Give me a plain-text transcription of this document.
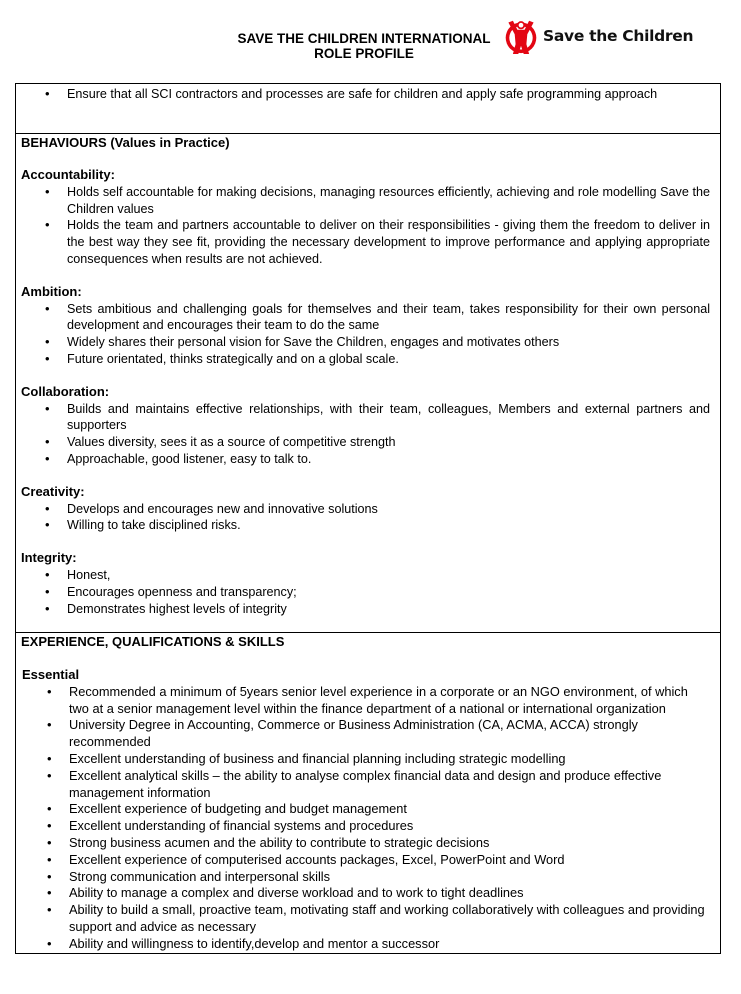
SAVE THE CHILDREN INTERNATIONAL
ROLE PROFILE
Save the Children
• Ensure that all SCI contractors and processes are safe for children and apply safe programming approach
BEHAVIOURS (Values in Practice)
Accountability:
• Holds self accountable for making decisions, managing resources efficiently, achieving and role modelling Save the Children values
• Holds the team and partners accountable to deliver on their responsibilities - giving them the freedom to deliver in the best way they see fit, providing the necessary development to improve performance and applying appropriate consequences when results are not achieved.
Ambition:
• Sets ambitious and challenging goals for themselves and their team, takes responsibility for their own personal development and encourages their team to do the same
• Widely shares their personal vision for Save the Children, engages and motivates others
• Future orientated, thinks strategically and on a global scale.
Collaboration:
• Builds and maintains effective relationships, with their team, colleagues, Members and external partners and supporters
• Values diversity, sees it as a source of competitive strength
• Approachable, good listener, easy to talk to.
Creativity:
• Develops and encourages new and innovative solutions
• Willing to take disciplined risks.
Integrity:
• Honest,
• Encourages openness and transparency;
• Demonstrates highest levels of integrity
EXPERIENCE, QUALIFICATIONS & SKILLS
Essential
• Recommended a minimum of 5years senior level experience in a corporate or an NGO environment, of which two at a senior management level within the finance department of a national or international organization
• University Degree in Accounting, Commerce or Business Administration (CA, ACMA, ACCA) strongly recommended
• Excellent understanding of business and financial planning including strategic modelling
• Excellent analytical skills – the ability to analyse complex financial data and design and produce effective management information
• Excellent experience of budgeting and budget management
• Excellent understanding of financial systems and procedures
• Strong business acumen and the ability to contribute to strategic decisions
• Excellent experience of computerised accounts packages, Excel, PowerPoint and Word
• Strong communication and interpersonal skills
• Ability to manage a complex and diverse workload and to work to tight deadlines
• Ability to build a small, proactive team, motivating staff and working collaboratively with colleagues and providing support and advice as necessary
• Ability and willingness to identify,develop and mentor a successor
